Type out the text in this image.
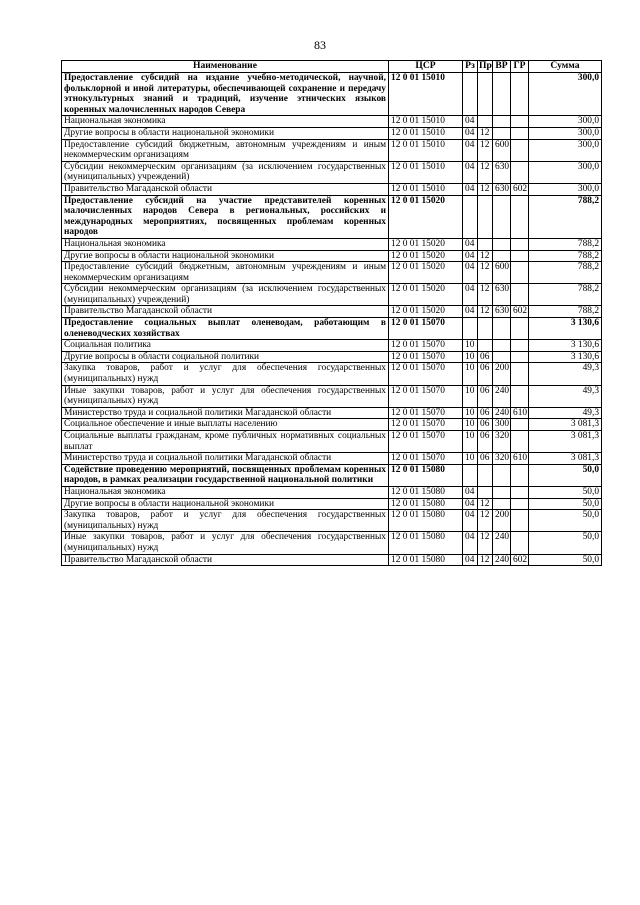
83
Наименование	ЦСР	Рз	Пр	ВР	ГР	Сумма
Предоставление субсидий на издание учебно-методической, научной, фольклорной и иной литературы, обеспечивающей сохранение и передачу этнокультурных знаний и традиций, изучение этнических языков коренных малочисленных народов Севера	12 0 01 15010					300,0
Национальная экономика	12 0 01 15010	04				300,0
Другие вопросы в области национальной экономики	12 0 01 15010	04	12			300,0
Предоставление субсидий бюджетным, автономным учреждениям и иным некоммерческим организациям	12 0 01 15010	04	12	600		300,0
Субсидии некоммерческим организациям (за исключением государственных (муниципальных) учреждений)	12 0 01 15010	04	12	630		300,0
Правительство Магаданской области	12 0 01 15010	04	12	630	602	300,0
Предоставление субсидий на участие представителей коренных малочисленных народов Севера в региональных, российских и международных мероприятиях, посвященных проблемам коренных народов	12 0 01 15020					788,2
Национальная экономика	12 0 01 15020	04				788,2
Другие вопросы в области национальной экономики	12 0 01 15020	04	12			788,2
Предоставление субсидий бюджетным, автономным учреждениям и иным некоммерческим организациям	12 0 01 15020	04	12	600		788,2
Субсидии некоммерческим организациям (за исключением государственных (муниципальных) учреждений)	12 0 01 15020	04	12	630		788,2
Правительство Магаданской области	12 0 01 15020	04	12	630	602	788,2
Предоставление социальных выплат оленеводам, работающим в оленеводческих хозяйствах	12 0 01 15070					3 130,6
Социальная политика	12 0 01 15070	10				3 130,6
Другие вопросы в области социальной политики	12 0 01 15070	10	06			3 130,6
Закупка товаров, работ и услуг для обеспечения государственных (муниципальных) нужд	12 0 01 15070	10	06	200		49,3
Иные закупки товаров, работ и услуг для обеспечения государственных (муниципальных) нужд	12 0 01 15070	10	06	240		49,3
Министерство труда и социальной политики Магаданской области	12 0 01 15070	10	06	240	610	49,3
Социальное обеспечение и иные выплаты населению	12 0 01 15070	10	06	300		3 081,3
Социальные выплаты гражданам, кроме публичных нормативных социальных выплат	12 0 01 15070	10	06	320		3 081,3
Министерство труда и социальной политики Магаданской области	12 0 01 15070	10	06	320	610	3 081,3
Содействие проведению мероприятий, посвященных проблемам коренных народов, в рамках реализации государственной национальной политики	12 0 01 15080					50,0
Национальная экономика	12 0 01 15080	04				50,0
Другие вопросы в области национальной экономики	12 0 01 15080	04	12			50,0
Закупка товаров, работ и услуг для обеспечения государственных (муниципальных) нужд	12 0 01 15080	04	12	200		50,0
Иные закупки товаров, работ и услуг для обеспечения государственных (муниципальных) нужд	12 0 01 15080	04	12	240		50,0
Правительство Магаданской области	12 0 01 15080	04	12	240	602	50,0
